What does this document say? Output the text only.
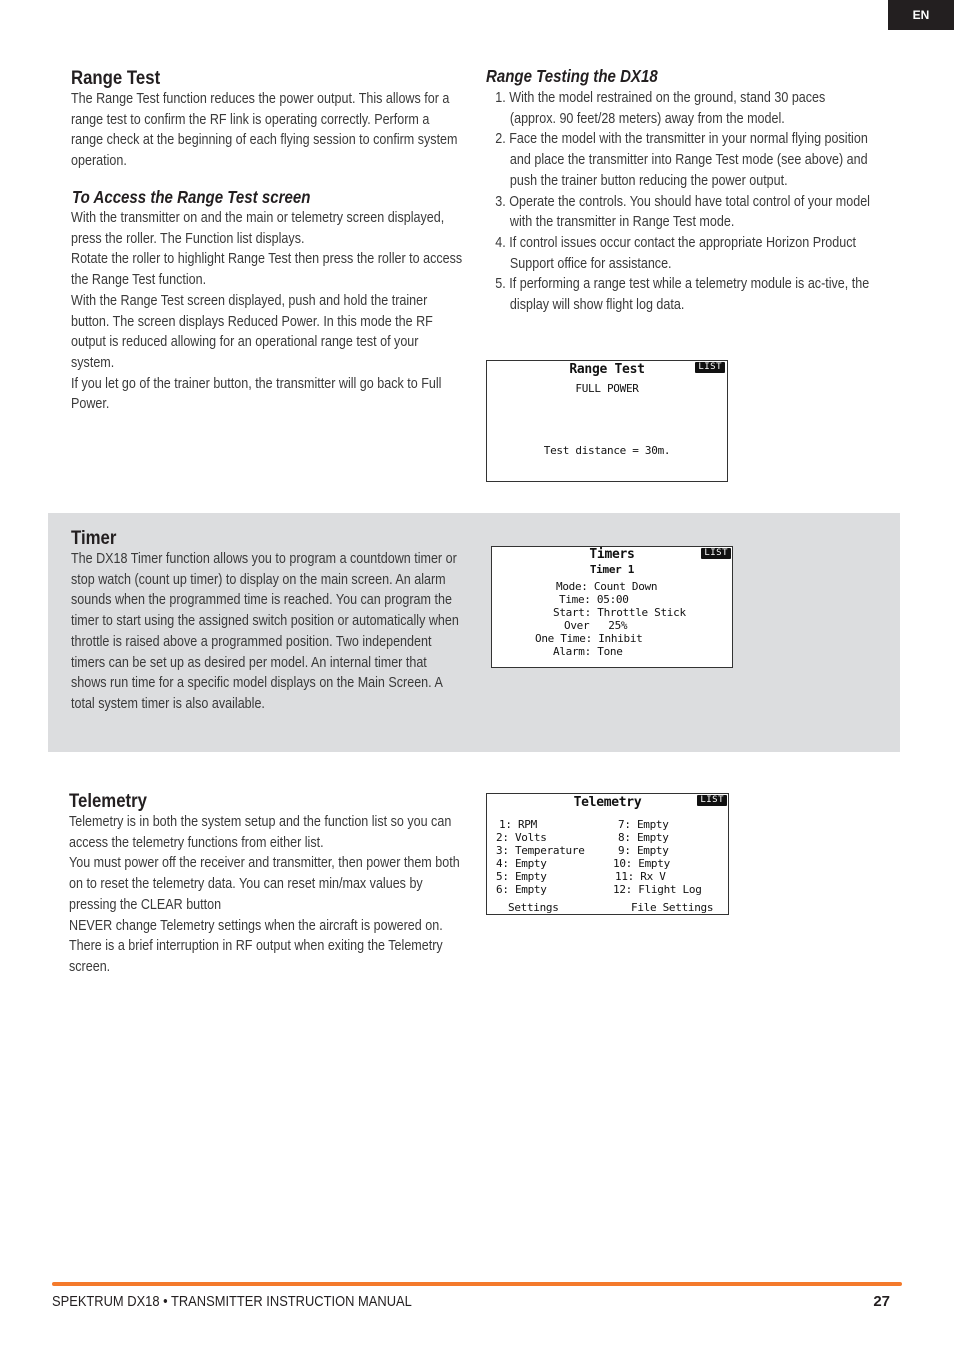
EN
Range Test

The Range Test function reduces the power output. This allows for a range test to confirm the RF link is operating correctly. Perform a range check at the beginning of each flying session to confirm system operation.

To Access the Range Test screen

With the transmitter on and the main or telemetry screen displayed, press the roller. The Function list displays.

Rotate the roller to highlight Range Test then press the roller to access the Range Test function.

With the Range Test screen displayed, push and hold the trainer button. The screen displays Reduced Power. In this mode the RF output is reduced allowing for an operational range test of your system.

If you let go of the trainer button, the transmitter will go back to Full Power.

Range Testing the DX18
1. With the model restrained on the ground, stand 30 paces (approx. 90 feet/28 meters) away from the model.
2. Face the model with the transmitter in your normal flying position and place the transmitter into Range Test mode (see above) and push the trainer button reducing the power output.
3. Operate the controls. You should have total control of your model with the transmitter in Range Test mode.
4. If control issues occur contact the appropriate Horizon Product Support office for assistance.
5. If performing a range test while a telemetry module is ac-tive, the display will show flight log data.
LIST
Range Test
FULL POWER
Test distance = 30m.
Timer

The DX18 Timer function allows you to program a countdown timer or stop watch (count up timer) to display on the main screen. An alarm sounds when the programmed time is reached. You can program the timer to start using the assigned switch position or automatically when throttle is raised above a programmed position. Two independent timers can be set up as desired per model. An internal timer that shows run time for a specific model displays on the Main Screen. A total system timer is also available.

LIST
Timers
Timer 1
Mode: Count Down
Time: 05:00
Start: Throttle Stick
Over   25%
One Time: Inhibit
Alarm: Tone
Telemetry

Telemetry is in both the system setup and the function list so you can access the telemetry functions from either list.

You must power off the receiver and transmitter, then power them both on to reset the telemetry data. You can reset min/max values by pressing the CLEAR button

NEVER change Telemetry settings when the aircraft is powered on. There is a brief interruption in RF output when exiting the Telemetry screen.

LIST
Telemetry
1: RPM
2: Volts
3: Temperature
4: Empty
5: Empty
6: Empty
7: Empty
8: Empty
9: Empty
10: Empty
11: Rx V
12: Flight Log
Settings	File Settings

SPEKTRUM DX18 • TRANSMITTER INSTRUCTION MANUAL	27
